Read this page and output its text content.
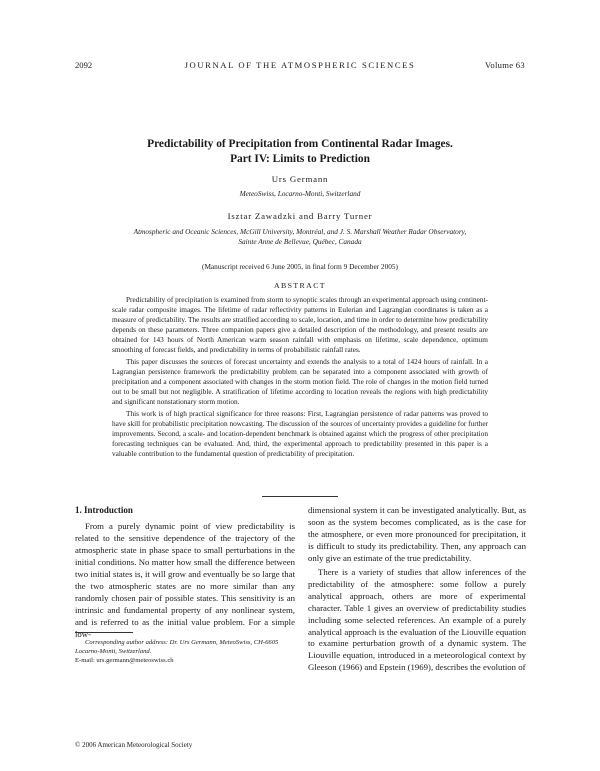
2092	JOURNAL OF THE ATMOSPHERIC SCIENCES	Volume 63
Predictability of Precipitation from Continental Radar Images.
Part IV: Limits to Prediction
Urs Germann
MeteoSwiss, Locarno-Monti, Switzerland
Isztar Zawadzki and Barry Turner
Atmospheric and Oceanic Sciences, McGill University, Montréal, and J. S. Marshall Weather Radar Observatory,
Sainte Anne de Bellevue, Québec, Canada
(Manuscript received 6 June 2005, in final form 9 December 2005)
ABSTRACT

Predictability of precipitation is examined from storm to synoptic scales through an experimental approach using continent-scale radar composite images. The lifetime of radar reflectivity patterns in Eulerian and Lagrangian coordinates is taken as a measure of predictability. The results are stratified according to scale, location, and time in order to determine how predictability depends on these parameters. Three companion papers give a detailed description of the methodology, and present results are obtained for 143 hours of North American warm season rainfall with emphasis on lifetime, scale dependence, optimum smoothing of forecast fields, and predictability in terms of probabilistic rainfall rates.

This paper discusses the sources of forecast uncertainty and extends the analysis to a total of 1424 hours of rainfall. In a Lagrangian persistence framework the predictability problem can be separated into a component associated with growth of precipitation and a component associated with changes in the storm motion field. The role of changes in the motion field turned out to be small but not negligible. A stratification of lifetime according to location reveals the regions with high predictability and significant nonstationary storm motion.

This work is of high practical significance for three reasons: First, Lagrangian persistence of radar patterns was proved to have skill for probabilistic precipitation nowcasting. The discussion of the sources of uncertainty provides a guideline for further improvements. Second, a scale- and location-dependent benchmark is obtained against which the progress of other precipitation forecasting techniques can be evaluated. And, third, the experimental approach to predictability presented in this paper is a valuable contribution to the fundamental question of predictability of precipitation.

1. Introduction

From a purely dynamic point of view predictability is related to the sensitive dependence of the trajectory of the atmospheric state in phase space to small perturbations in the initial conditions. No matter how small the difference between two initial states is, it will grow and eventually be so large that the two atmospheric states are no more similar than any randomly chosen pair of possible states. This sensitivity is an intrinsic and fundamental property of any nonlinear system, and is referred to as the initial value problem. For a simple low-

dimensional system it can be investigated analytically. But, as soon as the system becomes complicated, as is the case for the atmosphere, or even more pronounced for precipitation, it is difficult to study its predictability. Then, any approach can only give an estimate of the true predictability.

There is a variety of studies that allow inferences of the predictability of the atmosphere: some follow a purely analytical approach, others are more of experimental character. Table 1 gives an overview of predictability studies including some selected references. An example of a purely analytical approach is the evaluation of the Liouville equation to examine perturbation growth of a dynamic system. The Liouville equation, introduced in a meteorological context by Gleeson (1966) and Epstein (1969), describes the evolution of

Corresponding author address: Dr. Urs Germann, MeteoSwiss, CH-6605 Locarno-Monti, Switzerland.
E-mail: urs.germann@meteoswiss.ch
© 2006 American Meteorological Society
